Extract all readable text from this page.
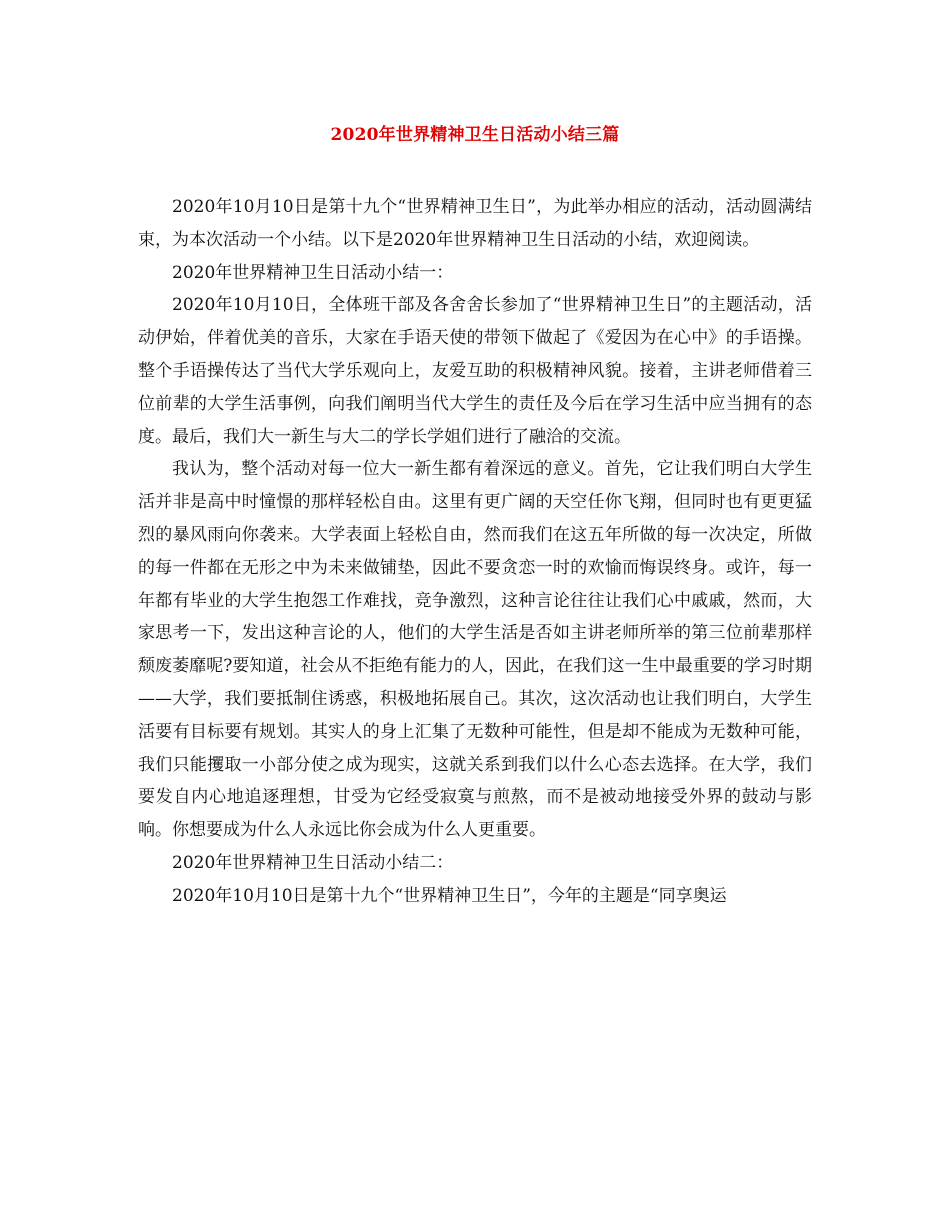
2020年世界精神卫生日活动小结三篇

2020年10月10日是第十九个“世界精神卫生日”，为此举办相应的活动，活动圆满结束，为本次活动一个小结。以下是2020年世界精神卫生日活动的小结，欢迎阅读。

2020年世界精神卫生日活动小结一：

2020年10月10日，全体班干部及各舍舍长参加了“世界精神卫生日”的主题活动，活动伊始，伴着优美的音乐，大家在手语天使的带领下做起了《爱因为在心中》的手语操。整个手语操传达了当代大学乐观向上，友爱互助的积极精神风貌。接着，主讲老师借着三位前辈的大学生活事例，向我们阐明当代大学生的责任及今后在学习生活中应当拥有的态度。最后，我们大一新生与大二的学长学姐们进行了融洽的交流。

我认为，整个活动对每一位大一新生都有着深远的意义。首先，它让我们明白大学生活并非是高中时憧憬的那样轻松自由。这里有更广阔的天空任你飞翔，但同时也有更更猛烈的暴风雨向你袭来。大学表面上轻松自由，然而我们在这五年所做的每一次决定，所做的每一件都在无形之中为未来做铺垫，因此不要贪恋一时的欢愉而悔误终身。或许，每一年都有毕业的大学生抱怨工作难找，竞争激烈，这种言论往往让我们心中戚戚，然而，大家思考一下，发出这种言论的人，他们的大学生活是否如主讲老师所举的第三位前辈那样颓废萎靡呢?要知道，社会从不拒绝有能力的人，因此，在我们这一生中最重要的学习时期——大学，我们要抵制住诱惑，积极地拓展自己。其次，这次活动也让我们明白，大学生活要有目标要有规划。其实人的身上汇集了无数种可能性，但是却不能成为无数种可能，我们只能攫取一小部分使之成为现实，这就关系到我们以什么心态去选择。在大学，我们要发自内心地追逐理想，甘受为它经受寂寞与煎熬，而不是被动地接受外界的鼓动与影响。你想要成为什么人永远比你会成为什么人更重要。

2020年世界精神卫生日活动小结二：

2020年10月10日是第十九个“世界精神卫生日”，今年的主题是“同享奥运
